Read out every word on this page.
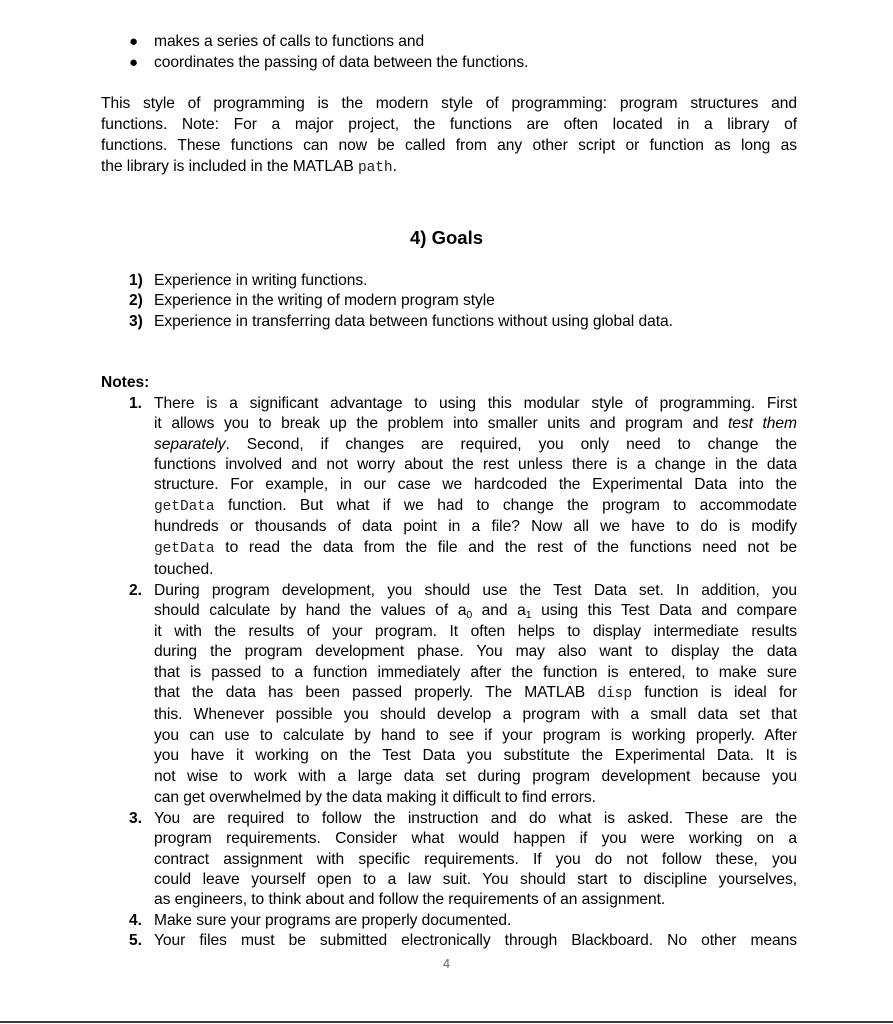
● makes a series of calls to functions and
● coordinates the passing of data between the functions.
This style of programming is the modern style of programming: program structures and
functions. Note: For a major project, the functions are often located in a library of
functions. These functions can now be called from any other script or function as long as
the library is included in the MATLAB path.
4) Goals
1) Experience in writing functions.
2) Experience in the writing of modern program style
3) Experience in transferring data between functions without using global data.
Notes:
1. There is a significant advantage to using this modular style of programming. First
it allows you to break up the problem into smaller units and program and test them
separately. Second, if changes are required, you only need to change the
functions involved and not worry about the rest unless there is a change in the data
structure. For example, in our case we hardcoded the Experimental Data into the
getData function. But what if we had to change the program to accommodate
hundreds or thousands of data point in a file? Now all we have to do is modify
getData to read the data from the file and the rest of the functions need not be
touched.
2. During program development, you should use the Test Data set. In addition, you
should calculate by hand the values of $a_0$ and $a_1$ using this Test Data and compare
it with the results of your program. It often helps to display intermediate results
during the program development phase. You may also want to display the data
that is passed to a function immediately after the function is entered, to make sure
that the data has been passed properly. The MATLAB disp function is ideal for
this. Whenever possible you should develop a program with a small data set that
you can use to calculate by hand to see if your program is working properly. After
you have it working on the Test Data you substitute the Experimental Data. It is
not wise to work with a large data set during program development because you
can get overwhelmed by the data making it difficult to find errors.
3. You are required to follow the instruction and do what is asked. These are the
program requirements. Consider what would happen if you were working on a
contract assignment with specific requirements. If you do not follow these, you
could leave yourself open to a law suit. You should start to discipline yourselves,
as engineers, to think about and follow the requirements of an assignment.
4. Make sure your programs are properly documented.
5. Your files must be submitted electronically through Blackboard. No other means
4
